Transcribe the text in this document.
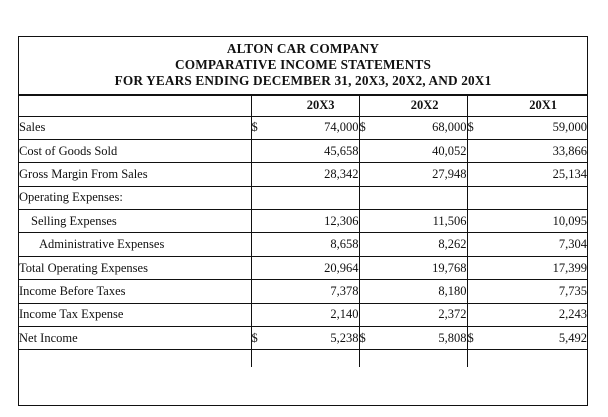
ALTON CAR COMPANY
COMPARATIVE INCOME STATEMENTS
FOR YEARS ENDING DECEMBER 31, 20X3, 20X2, AND 20X1
	20X3		20X2		20X1	
Sales	$	74,000	$	68,000	$	59,000
Cost of Goods Sold		45,658		40,052		33,866
Gross Margin From Sales		28,342		27,948		25,134
Operating Expenses:						
Selling Expenses		12,306		11,506		10,095
Administrative Expenses		8,658		8,262		7,304
Total Operating Expenses		20,964		19,768		17,399
Income Before Taxes		7,378		8,180		7,735
Income Tax Expense		2,140		2,372		2,243
Net Income	$	5,238	$	5,808	$	5,492
